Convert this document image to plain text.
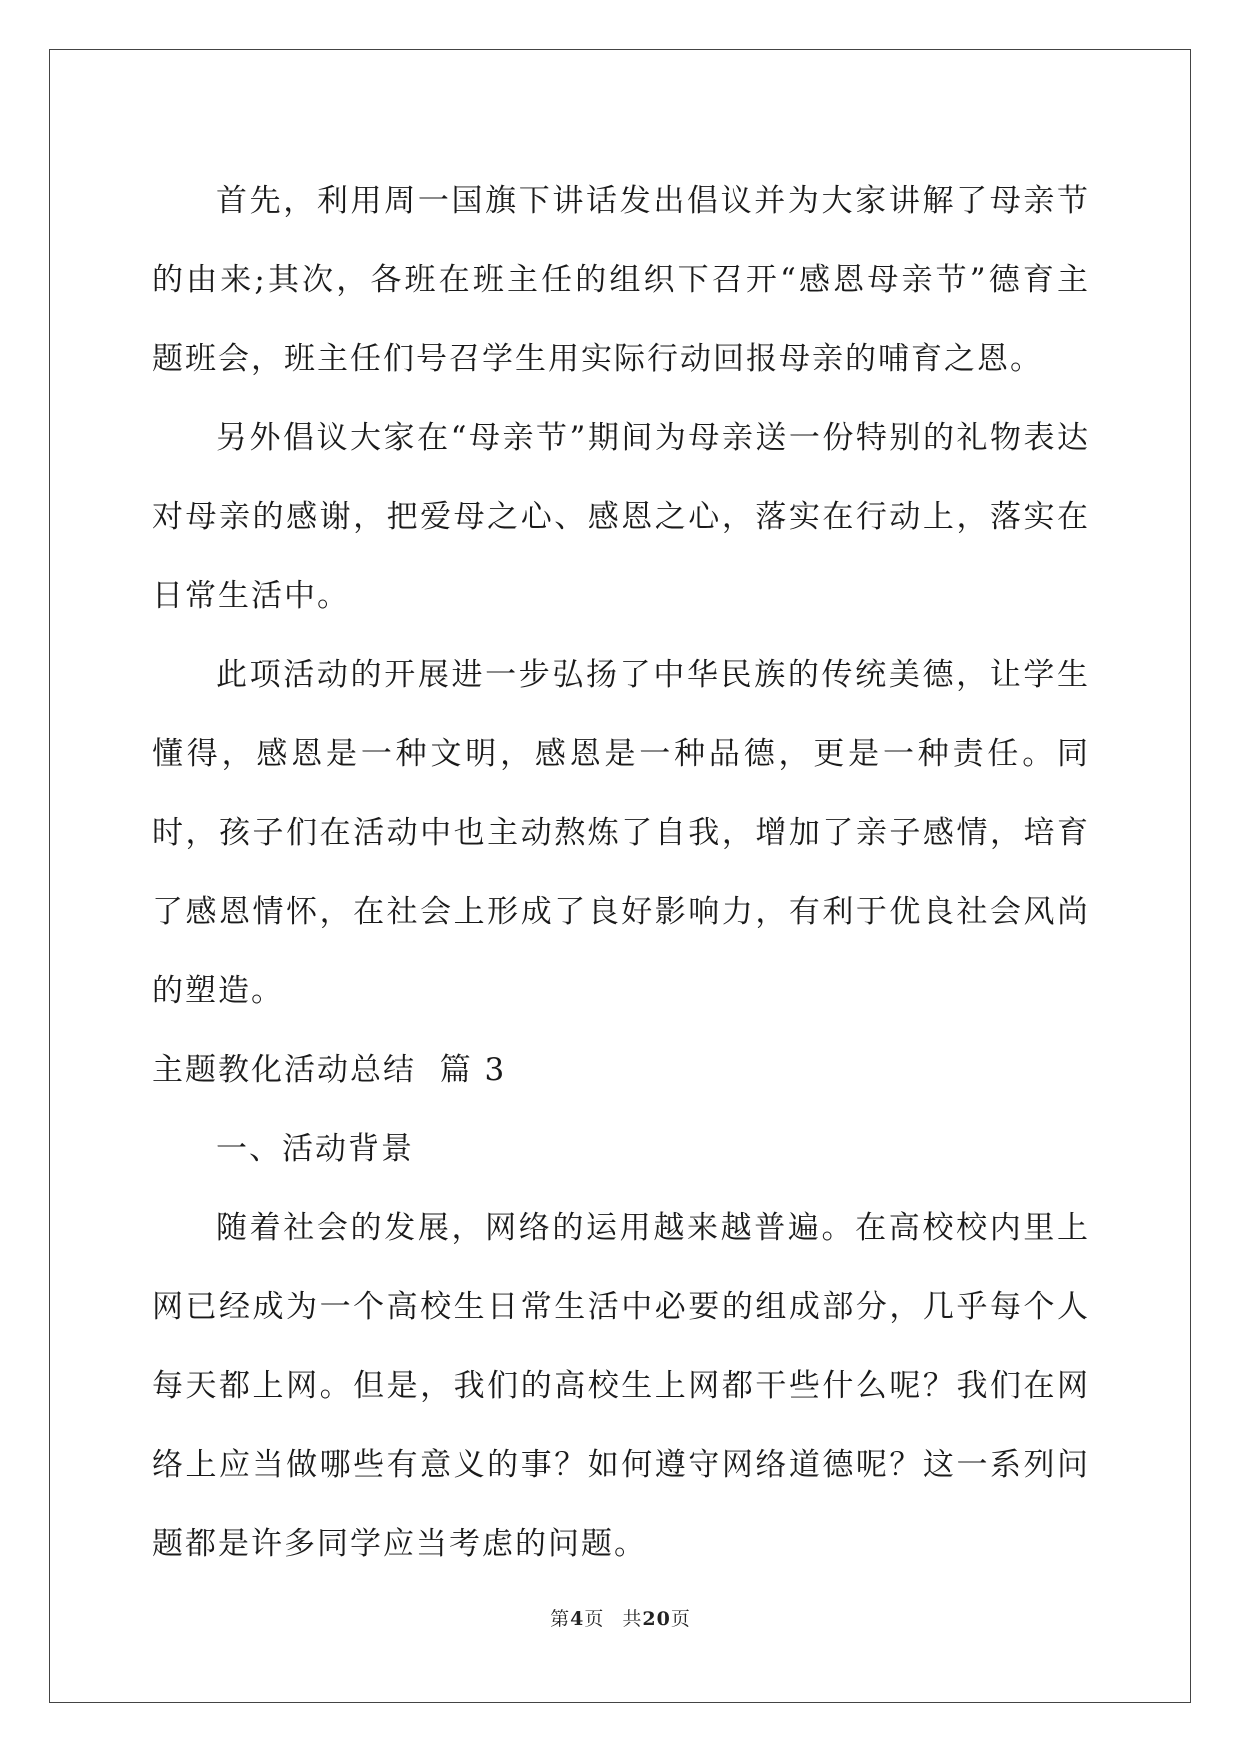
首先，利用周一国旗下讲话发出倡议并为大家讲解了母亲节的由来;其次，各班在班主任的组织下召开“感恩母亲节”德育主题班会，班主任们号召学生用实际行动回报母亲的哺育之恩。

另外倡议大家在“母亲节”期间为母亲送一份特别的礼物表达对母亲的感谢，把爱母之心、感恩之心，落实在行动上，落实在日常生活中。

此项活动的开展进一步弘扬了中华民族的传统美德，让学生懂得，感恩是一种文明，感恩是一种品德，更是一种责任。同时，孩子们在活动中也主动熬炼了自我，增加了亲子感情，培育了感恩情怀，在社会上形成了良好影响力，有利于优良社会风尚的塑造。

主题教化活动总结  篇 3

一、活动背景

随着社会的发展，网络的运用越来越普遍。在高校校内里上网已经成为一个高校生日常生活中必要的组成部分，几乎每个人每天都上网。但是，我们的高校生上网都干些什么呢？我们在网络上应当做哪些有意义的事？如何遵守网络道德呢？这一系列问题都是许多同学应当考虑的问题。

第4页 共20页
